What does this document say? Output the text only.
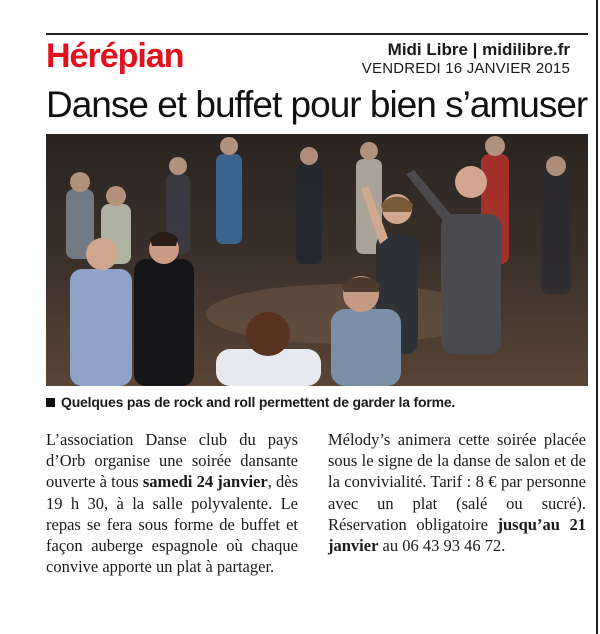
Hérépian	Midi Libre | midilibre.fr
VENDREDI 16 JANVIER 2015
Danse et buffet pour bien s’amuser
Quelques pas de rock and roll permettent de garder la forme.

L’association Danse club du pays d’Orb organise une soirée dansante ouverte à tous samedi 24 janvier, dès 19 h 30, à la salle polyvalente. Le repas se fera sous forme de buffet et façon auberge espagnole où chaque convive apporte un plat à partager.

Mélody’s animera cette soirée placée sous le signe de la danse de salon et de la convivialité. Tarif : 8 € par personne avec un plat (salé ou sucré). Réservation obligatoire jusqu’au 21 janvier au 06 43 93 46 72.
